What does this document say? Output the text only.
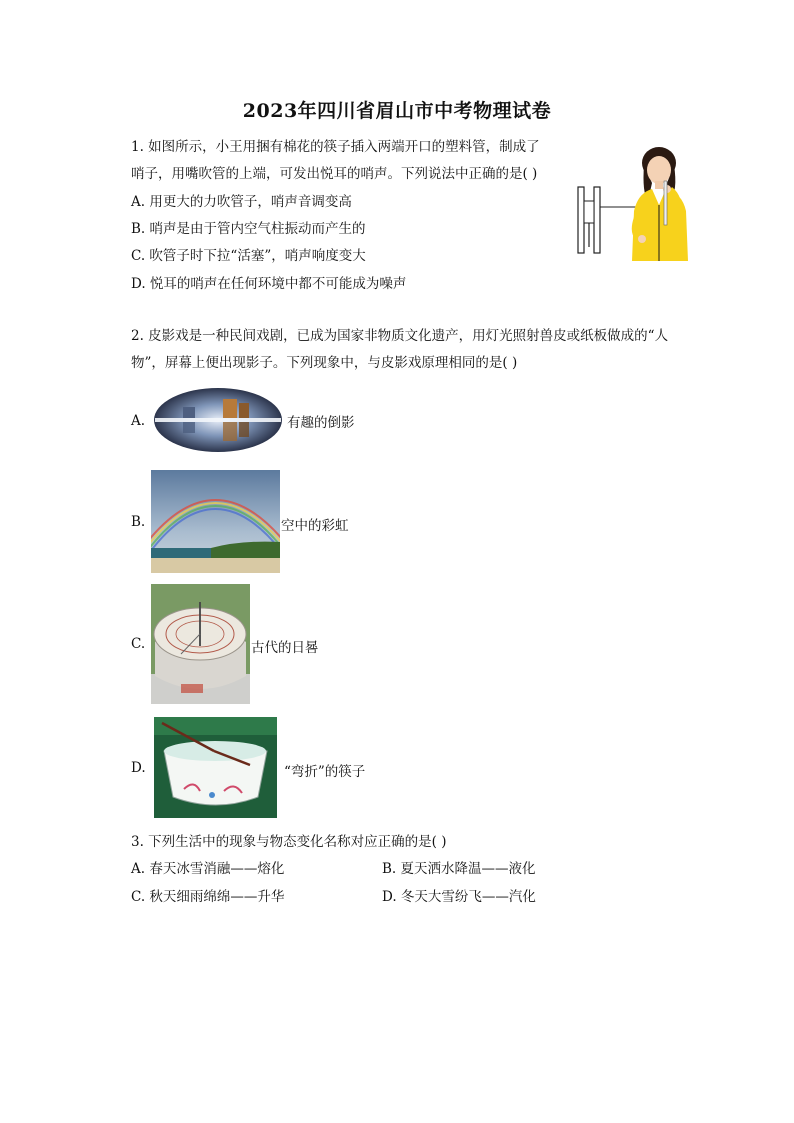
2023年四川省眉山市中考物理试卷
1. 如图所示，小王用捆有棉花的筷子插入两端开口的塑料管，制成了
哨子，用嘴吹管的上端，可发出悦耳的哨声。下列说法中正确的是( )
A. 用更大的力吹管子，哨声音调变高
B. 哨声是由于管内空气柱振动而产生的
C. 吹管子时下拉“活塞”，哨声响度变大
D. 悦耳的哨声在任何环境中都不可能成为噪声
2. 皮影戏是一种民间戏剧，已成为国家非物质文化遗产，用灯光照射兽皮或纸板做成的“人
物”，屏幕上便出现影子。下列现象中，与皮影戏原理相同的是( )
A.	有趣的倒影
B.	空中的彩虹
C.	古代的日晷
D.	“弯折”的筷子
3. 下列生活中的现象与物态变化名称对应正确的是( )
A. 春天冰雪消融——熔化	B. 夏天洒水降温——液化
C. 秋天细雨绵绵——升华	D. 冬天大雪纷飞——汽化
